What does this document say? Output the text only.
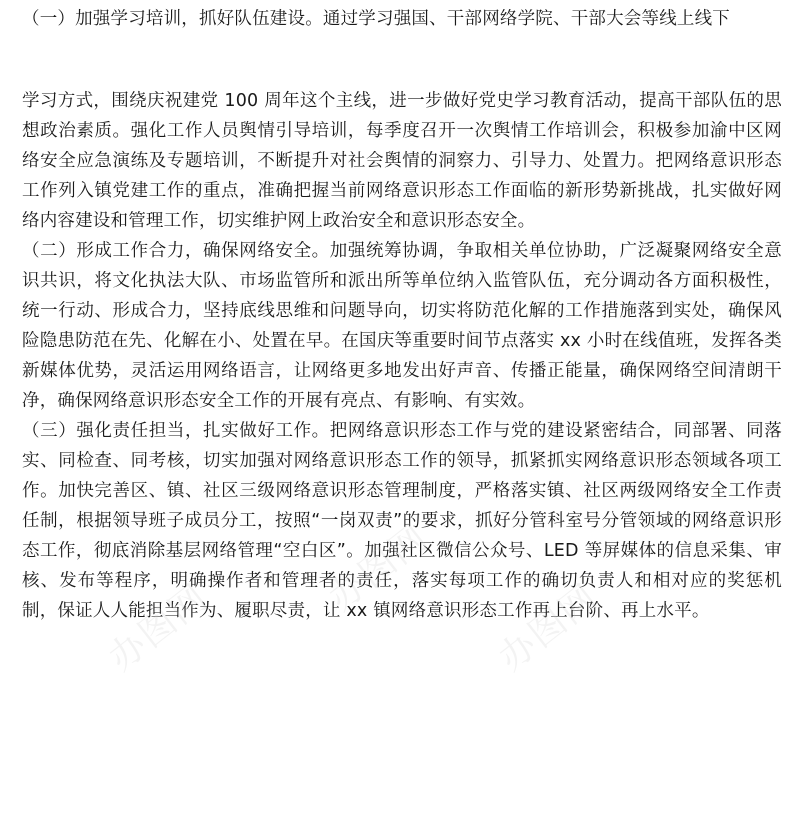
（一）加强学习培训，抓好队伍建设。通过学习强国、干部网络学院、干部大会等线上线下

学习方式，围绕庆祝建党 100 周年这个主线，进一步做好党史学习教育活动，提高干部队伍的思想政治素质。强化工作人员舆情引导培训，每季度召开一次舆情工作培训会，积极参加渝中区网络安全应急演练及专题培训，不断提升对社会舆情的洞察力、引导力、处置力。把网络意识形态工作列入镇党建工作的重点，准确把握当前网络意识形态工作面临的新形势新挑战，扎实做好网络内容建设和管理工作，切实维护网上政治安全和意识形态安全。
（二）形成工作合力，确保网络安全。加强统筹协调，争取相关单位协助，广泛凝聚网络安全意识共识，将文化执法大队、市场监管所和派出所等单位纳入监管队伍，充分调动各方面积极性，统一行动、形成合力，坚持底线思维和问题导向，切实将防范化解的工作措施落到实处，确保风险隐患防范在先、化解在小、处置在早。在国庆等重要时间节点落实 xx 小时在线值班，发挥各类新媒体优势，灵活运用网络语言，让网络更多地发出好声音、传播正能量，确保网络空间清朗干净，确保网络意识形态安全工作的开展有亮点、有影响、有实效。
（三）强化责任担当，扎实做好工作。把网络意识形态工作与党的建设紧密结合，同部署、同落实、同检查、同考核，切实加强对网络意识形态工作的领导，抓紧抓实网络意识形态领域各项工作。加快完善区、镇、社区三级网络意识形态管理制度，严格落实镇、社区两级网络安全工作责任制，根据领导班子成员分工，按照“一岗双责”的要求，抓好分管科室号分管领域的网络意识形态工作，彻底消除基层网络管理“空白区”。加强社区微信公众号、LED 等屏媒体的信息采集、审核、发布等程序，明确操作者和管理者的责任，落实每项工作的确切负责人和相对应的奖惩机制，保证人人能担当作为、履职尽责，让 xx 镇网络意识形态工作再上台阶、再上水平。
办图网
办图网
办图网
